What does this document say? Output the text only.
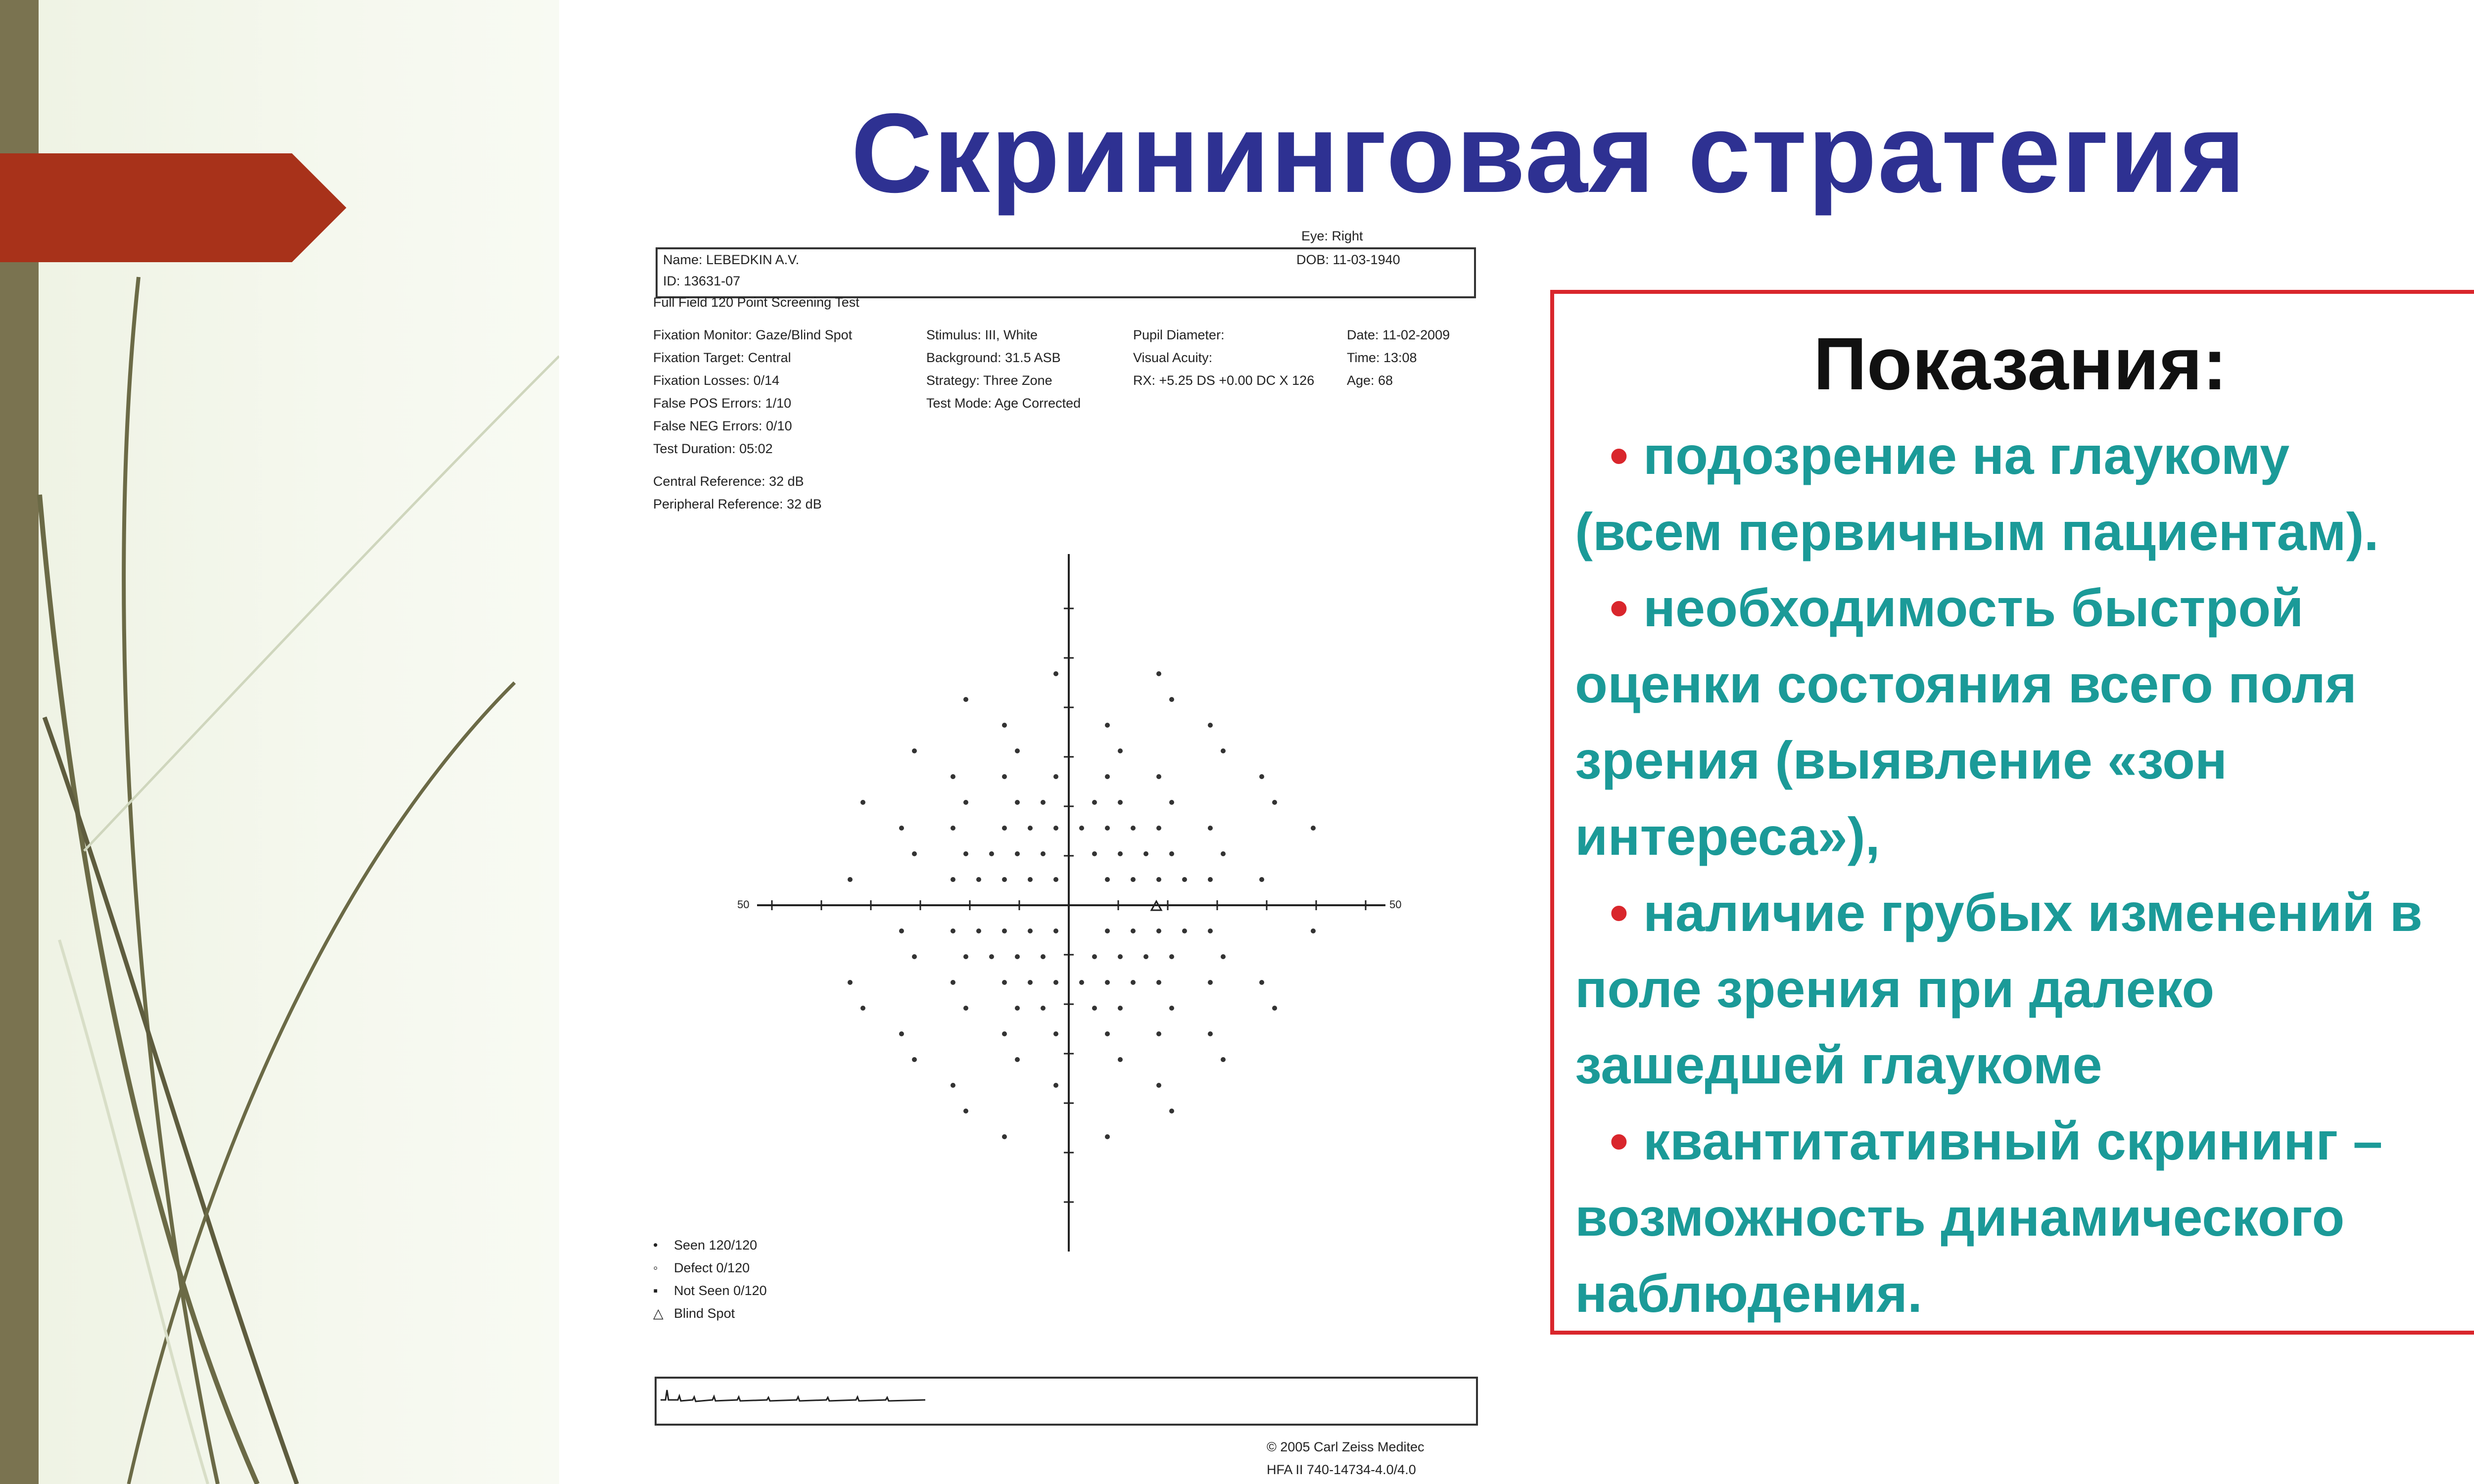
Скрининговая стратегия
Eye: Right
Name: LEBEDKIN A.V.	DOB: 11-03-1940
ID: 13631-07
Full Field 120 Point Screening Test
Fixation Monitor: Gaze/Blind Spot
Fixation Target: Central
Fixation Losses: 0/14
False POS Errors: 1/10
False NEG Errors: 0/10
Test Duration: 05:02
Stimulus: III, White
Background: 31.5 ASB
Strategy: Three Zone
Test Mode: Age Corrected
Pupil Diameter:
Visual Acuity:
RX: +5.25 DS +0.00 DC X 126
Date: 11-02-2009
Time: 13:08
Age: 68
Central Reference: 32 dB
Peripheral Reference: 32 dB
50	50
• Seen 120/120
◦ Defect 0/120
▪ Not Seen 0/120
△ Blind Spot
© 2005 Carl Zeiss Meditec
HFA II 740-14734-4.0/4.0
Показания:

• подозрение на глаукому

(всем первичным пациентам).

• необходимость быстрой

оценки состояния всего поля зрения (выявление «зон интереса»),

• наличие грубых изменений в

поле зрения при далеко зашедшей глаукоме

• квантитативный скрининг –

возможность динамического наблюдения.
